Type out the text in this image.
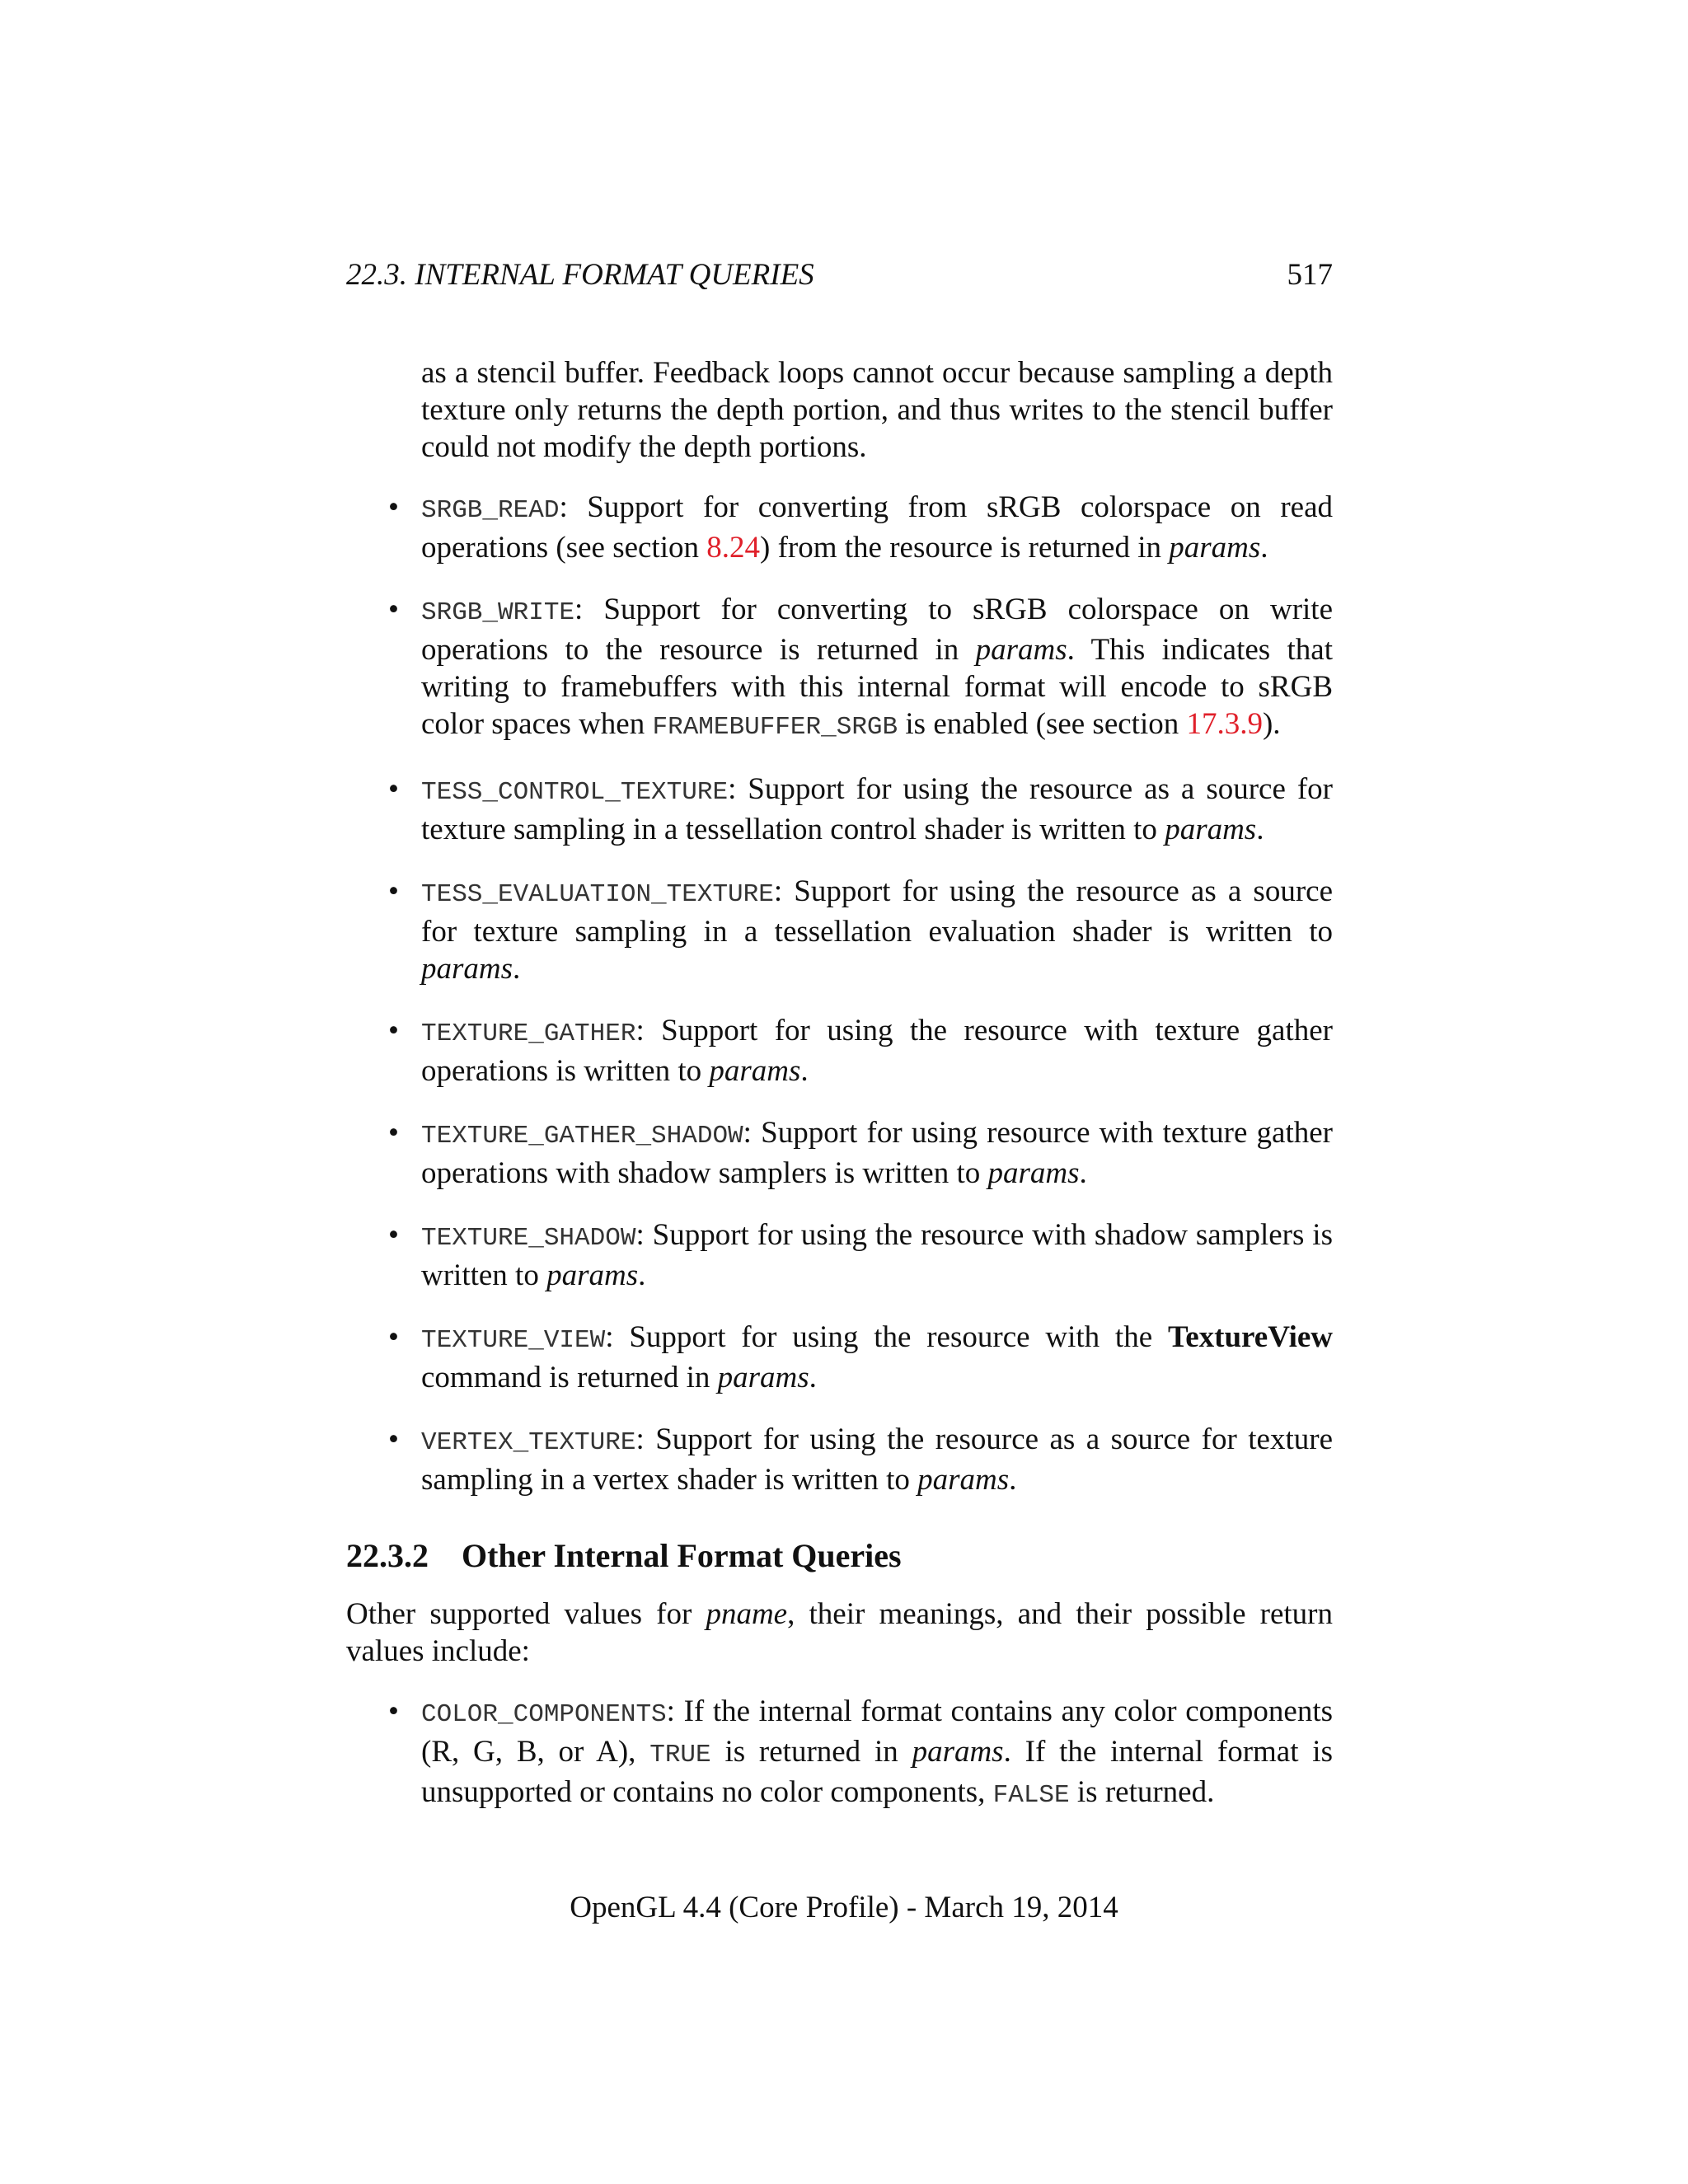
22.3. INTERNAL FORMAT QUERIES	517

as a stencil buffer. Feedback loops cannot occur because sampling a depth texture only returns the depth portion, and thus writes to the stencil buffer could not modify the depth portions.

• SRGB_READ: Support for converting from sRGB colorspace on read operations (see section 8.24) from the resource is returned in params.
• SRGB_WRITE: Support for converting to sRGB colorspace on write operations to the resource is returned in params. This indicates that writing to framebuffers with this internal format will encode to sRGB color spaces when FRAMEBUFFER_SRGB is enabled (see section 17.3.9).
• TESS_CONTROL_TEXTURE: Support for using the resource as a source for texture sampling in a tessellation control shader is written to params.
• TESS_EVALUATION_TEXTURE: Support for using the resource as a source for texture sampling in a tessellation evaluation shader is written to params.
• TEXTURE_GATHER: Support for using the resource with texture gather operations is written to params.
• TEXTURE_GATHER_SHADOW: Support for using resource with texture gather operations with shadow samplers is written to params.
• TEXTURE_SHADOW: Support for using the resource with shadow samplers is written to params.
• TEXTURE_VIEW: Support for using the resource with the TextureView command is returned in params.
• VERTEX_TEXTURE: Support for using the resource as a source for texture sampling in a vertex shader is written to params.
22.3.2 Other Internal Format Queries

Other supported values for pname, their meanings, and their possible return values include:

• COLOR_COMPONENTS: If the internal format contains any color components (R, G, B, or A), TRUE is returned in params. If the internal format is unsupported or contains no color components, FALSE is returned.
OpenGL 4.4 (Core Profile) - March 19, 2014
